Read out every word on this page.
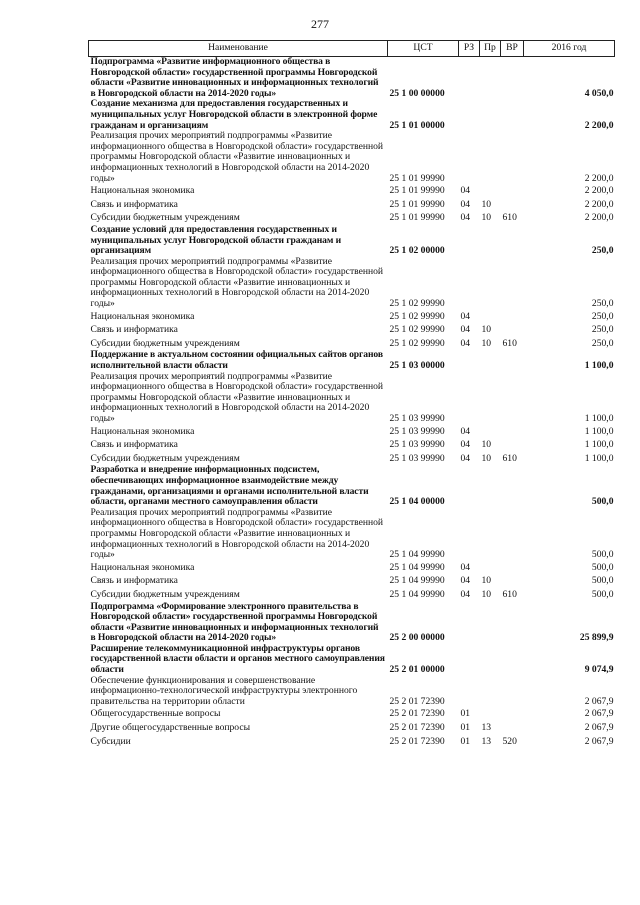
277
Наименование	ЦСТ	РЗ	Пр	ВР	2016 год
Подпрограмма «Развитие информационного общества в Новгородской области» государственной программы Новгородской области «Развитие инновационных и информационных технологий в Новгородской области на 2014-2020 годы»	25 1 00 00000				4 050,0
Создание механизма для предоставления государственных и муниципальных услуг Новгородской области в электронной форме гражданам и организациям	25 1 01 00000				2 200,0
Реализация прочих мероприятий подпрограммы «Развитие информационного общества в Новгородской области» государственной программы Новгородской области «Развитие инновационных и информационных технологий в Новгородской области на 2014-2020 годы»	25 1 01 99990				2 200,0
Национальная экономика	25 1 01 99990	04			2 200,0
Связь и информатика	25 1 01 99990	04	10		2 200,0
Субсидии бюджетным учреждениям	25 1 01 99990	04	10	610	2 200,0
Создание условий для предоставления государственных и муниципальных услуг Новгородской области гражданам и организациям	25 1 02 00000				250,0
Реализация прочих мероприятий подпрограммы «Развитие информационного общества в Новгородской области» государственной программы Новгородской области «Развитие инновационных и информационных технологий в Новгородской области на 2014-2020 годы»	25 1 02 99990				250,0
Национальная экономика	25 1 02 99990	04			250,0
Связь и информатика	25 1 02 99990	04	10		250,0
Субсидии бюджетным учреждениям	25 1 02 99990	04	10	610	250,0
Поддержание в актуальном состоянии официальных сайтов органов исполнительной власти области	25 1 03 00000				1 100,0
Реализация прочих мероприятий подпрограммы «Развитие информационного общества в Новгородской области» государственной программы Новгородской области «Развитие инновационных и информационных технологий в Новгородской области на 2014-2020 годы»	25 1 03 99990				1 100,0
Национальная экономика	25 1 03 99990	04			1 100,0
Связь и информатика	25 1 03 99990	04	10		1 100,0
Субсидии бюджетным учреждениям	25 1 03 99990	04	10	610	1 100,0
Разработка и внедрение информационных подсистем, обеспечивающих информационное взаимодействие между гражданами, организациями и органами исполнительной власти области, органами местного самоуправления области	25 1 04 00000				500,0
Реализация прочих мероприятий подпрограммы «Развитие информационного общества в Новгородской области» государственной программы Новгородской области «Развитие инновационных и информационных технологий в Новгородской области на 2014-2020 годы»	25 1 04 99990				500,0
Национальная экономика	25 1 04 99990	04			500,0
Связь и информатика	25 1 04 99990	04	10		500,0
Субсидии бюджетным учреждениям	25 1 04 99990	04	10	610	500,0
Подпрограмма «Формирование электронного правительства в Новгородской области» государственной программы Новгородской области «Развитие инновационных и информационных технологий в Новгородской области на 2014-2020 годы»	25 2 00 00000				25 899,9
Расширение телекоммуникационной инфраструктуры органов государственной власти области и органов местного самоуправления области	25 2 01 00000				9 074,9
Обеспечение функционирования и совершенствование информационно-технологической инфраструктуры электронного правительства на территории области	25 2 01 72390				2 067,9
Общегосударственные вопросы	25 2 01 72390	01			2 067,9
Другие общегосударственные вопросы	25 2 01 72390	01	13		2 067,9
Субсидии	25 2 01 72390	01	13	520	2 067,9
